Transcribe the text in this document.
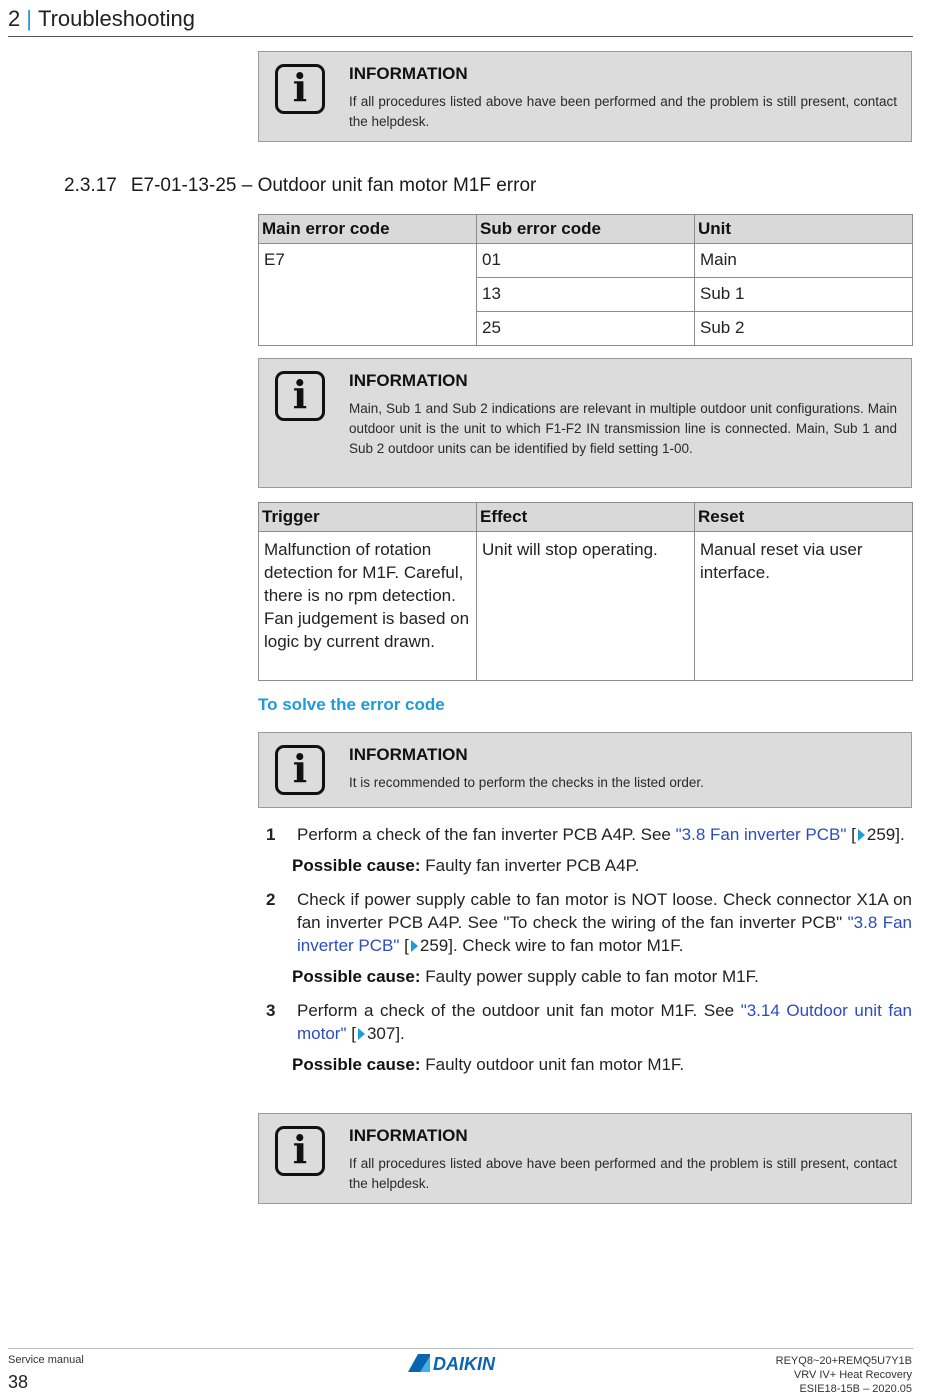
2 | Troubleshooting
i	INFORMATION
If all procedures listed above have been performed and the problem is still present, contact the helpdesk.
2.3.17 E7-01-13-25 – Outdoor unit fan motor M1F error
Main error code	Sub error code	Unit
E7	01	Main
	13	Sub 1
	25	Sub 2
i	INFORMATION
Main, Sub 1 and Sub 2 indications are relevant in multiple outdoor unit configurations. Main outdoor unit is the unit to which F1-F2 IN transmission line is connected. Main, Sub 1 and Sub 2 outdoor units can be identified by field setting 1-00.
Trigger	Effect	Reset
Malfunction of rotation detection for M1F. Careful, there is no rpm detection. Fan judgement is based on logic by current drawn.	Unit will stop operating.	Manual reset via user interface.
To solve the error code
i	INFORMATION
It is recommended to perform the checks in the listed order.
1 Perform a check of the fan inverter PCB A4P. See "3.8 Fan inverter PCB" [ 259].
Possible cause: Faulty fan inverter PCB A4P.
2 Check if power supply cable to fan motor is NOT loose. Check connector X1A on fan inverter PCB A4P. See "To check the wiring of the fan inverter PCB" "3.8 Fan inverter PCB" [ 259]. Check wire to fan motor M1F.
Possible cause: Faulty power supply cable to fan motor M1F.
3 Perform a check of the outdoor unit fan motor M1F. See "3.14 Outdoor unit fan motor" [ 307].
Possible cause: Faulty outdoor unit fan motor M1F.
i	INFORMATION
If all procedures listed above have been performed and the problem is still present, contact the helpdesk.
Service manual
38
DAIKIN	REYQ8~20+REMQ5U7Y1B
VRV IV+ Heat Recovery
ESIE18-15B – 2020.05
